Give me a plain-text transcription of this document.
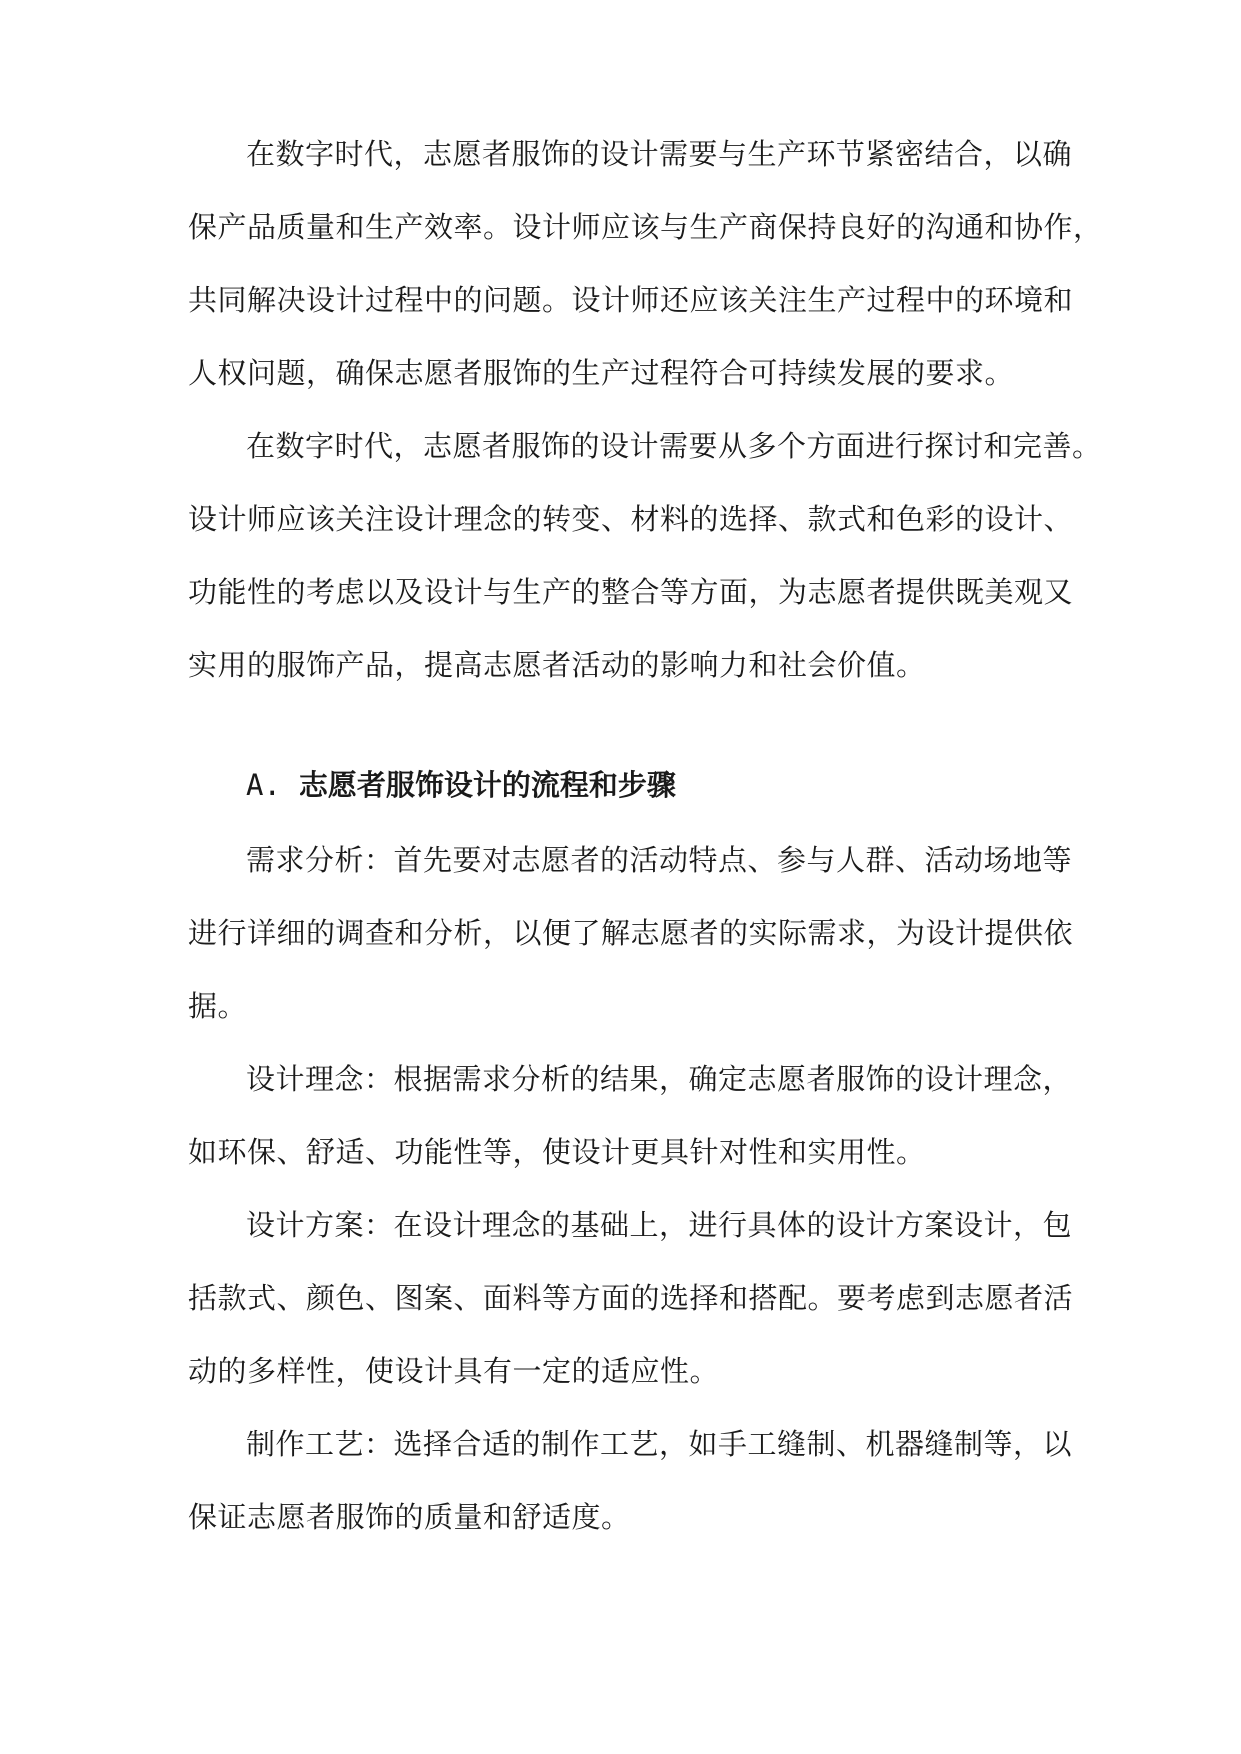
在数字时代，志愿者服饰的设计需要与生产环节紧密结合，以确
保产品质量和生产效率。设计师应该与生产商保持良好的沟通和协作，
共同解决设计过程中的问题。设计师还应该关注生产过程中的环境和
人权问题，确保志愿者服饰的生产过程符合可持续发展的要求。
在数字时代，志愿者服饰的设计需要从多个方面进行探讨和完善。
设计师应该关注设计理念的转变、材料的选择、款式和色彩的设计、
功能性的考虑以及设计与生产的整合等方面，为志愿者提供既美观又
实用的服饰产品，提高志愿者活动的影响力和社会价值。
A. 志愿者服饰设计的流程和步骤
需求分析：首先要对志愿者的活动特点、参与人群、活动场地等
进行详细的调查和分析，以便了解志愿者的实际需求，为设计提供依
据。
设计理念：根据需求分析的结果，确定志愿者服饰的设计理念，
如环保、舒适、功能性等，使设计更具针对性和实用性。
设计方案：在设计理念的基础上，进行具体的设计方案设计，包
括款式、颜色、图案、面料等方面的选择和搭配。要考虑到志愿者活
动的多样性，使设计具有一定的适应性。
制作工艺：选择合适的制作工艺，如手工缝制、机器缝制等，以
保证志愿者服饰的质量和舒适度。
